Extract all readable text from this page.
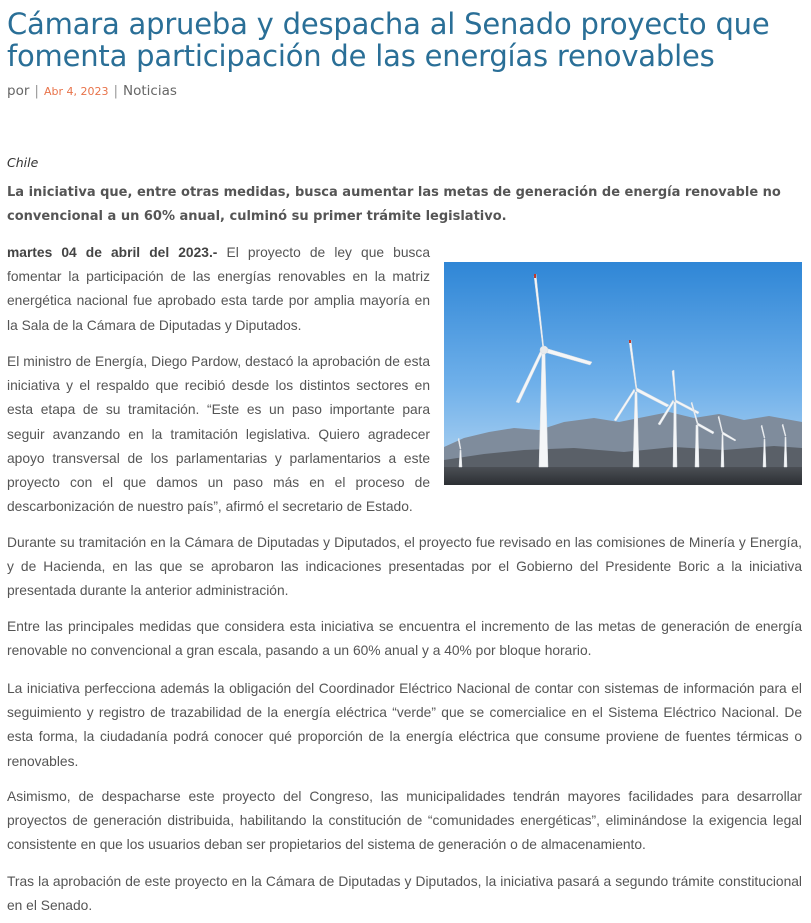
Cámara aprueba y despacha al Senado proyecto que fomenta participación de las energías renovables
por | Abr 4, 2023 | Noticias
Chile

La iniciativa que, entre otras medidas, busca aumentar las metas de generación de energía renovable no convencional a un 60% anual, culminó su primer trámite legislativo.

martes 04 de abril del 2023.- El proyecto de ley que busca fomentar la participación de las energías renovables en la matriz energética nacional fue aprobado esta tarde por amplia mayoría en la Sala de la Cámara de Diputadas y Diputados.

El ministro de Energía, Diego Pardow, destacó la aprobación de esta iniciativa y el respaldo que recibió desde los distintos sectores en esta etapa de su tramitación. “Este es un paso importante para seguir avanzando en la tramitación legislativa. Quiero agradecer apoyo transversal de los parlamentarias y parlamentarios a este proyecto con el que damos un paso más en el proceso de descarbonización de nuestro país”, afirmó el secretario de Estado.

Durante su tramitación en la Cámara de Diputadas y Diputados, el proyecto fue revisado en las comisiones de Minería y Energía, y de Hacienda, en las que se aprobaron las indicaciones presentadas por el Gobierno del Presidente Boric a la iniciativa presentada durante la anterior administración.

Entre las principales medidas que considera esta iniciativa se encuentra el incremento de las metas de generación de energía renovable no convencional a gran escala, pasando a un 60% anual y a 40% por bloque horario.

La iniciativa perfecciona además la obligación del Coordinador Eléctrico Nacional de contar con sistemas de información para el seguimiento y registro de trazabilidad de la energía eléctrica “verde” que se comercialice en el Sistema Eléctrico Nacional. De esta forma, la ciudadanía podrá conocer qué proporción de la energía eléctrica que consume proviene de fuentes térmicas o renovables.

Asimismo, de despacharse este proyecto del Congreso, las municipalidades tendrán mayores facilidades para desarrollar proyectos de generación distribuida, habilitando la constitución de “comunidades energéticas”, eliminándose la exigencia legal consistente en que los usuarios deban ser propietarios del sistema de generación o de almacenamiento.

Tras la aprobación de este proyecto en la Cámara de Diputadas y Diputados, la iniciativa pasará a segundo trámite constitucional en el Senado.
